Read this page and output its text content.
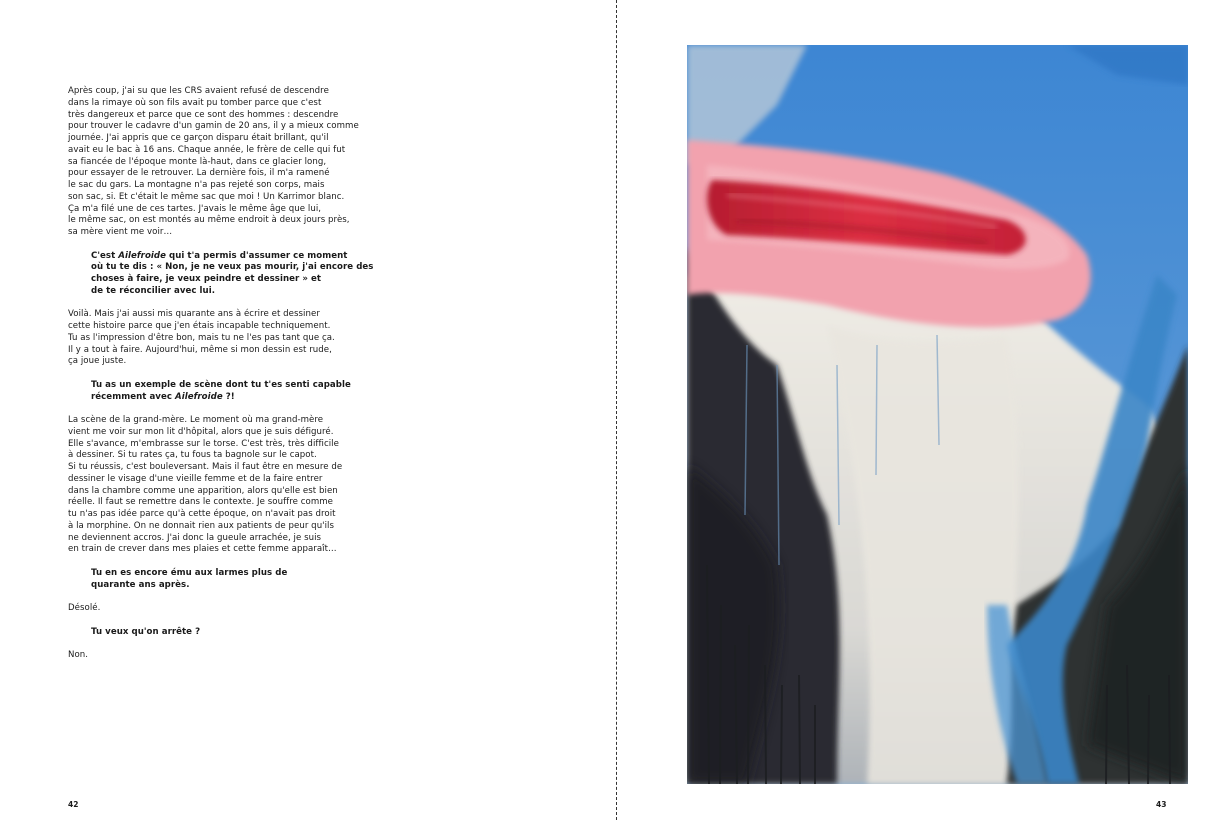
Après coup, j'ai su que les CRS avaient refusé de descendre
dans la rimaye où son fils avait pu tomber parce que c'est
très dangereux et parce que ce sont des hommes : descendre
pour trouver le cadavre d'un gamin de 20 ans, il y a mieux comme
journée. J'ai appris que ce garçon disparu était brillant, qu'il
avait eu le bac à 16 ans. Chaque année, le frère de celle qui fut
sa fiancée de l'époque monte là-haut, dans ce glacier long,
pour essayer de le retrouver. La dernière fois, il m'a ramené
le sac du gars. La montagne n'a pas rejeté son corps, mais
son sac, si. Et c'était le même sac que moi ! Un Karrimor blanc.
Ça m'a filé une de ces tartes. J'avais le même âge que lui,
le même sac, on est montés au même endroit à deux jours près,
sa mère vient me voir…

C'est Ailefroide qui t'a permis d'assumer ce moment
où tu te dis : « Non, je ne veux pas mourir, j'ai encore des
choses à faire, je veux peindre et dessiner » et
de te réconcilier avec lui.

Voilà. Mais j'ai aussi mis quarante ans à écrire et dessiner
cette histoire parce que j'en étais incapable techniquement.
Tu as l'impression d'être bon, mais tu ne l'es pas tant que ça.
Il y a tout à faire. Aujourd'hui, même si mon dessin est rude,
ça joue juste.

Tu as un exemple de scène dont tu t'es senti capable
récemment avec Ailefroide ?!

La scène de la grand-mère. Le moment où ma grand-mère
vient me voir sur mon lit d'hôpital, alors que je suis défiguré.
Elle s'avance, m'embrasse sur le torse. C'est très, très difficile
à dessiner. Si tu rates ça, tu fous ta bagnole sur le capot.
Si tu réussis, c'est bouleversant. Mais il faut être en mesure de
dessiner le visage d'une vieille femme et de la faire entrer
dans la chambre comme une apparition, alors qu'elle est bien
réelle. Il faut se remettre dans le contexte. Je souffre comme
tu n'as pas idée parce qu'à cette époque, on n'avait pas droit
à la morphine. On ne donnait rien aux patients de peur qu'ils
ne deviennent accros. J'ai donc la gueule arrachée, je suis
en train de crever dans mes plaies et cette femme apparaît…

Tu en es encore ému aux larmes plus de
quarante ans après.

Désolé.

Tu veux qu'on arrête ?

Non.

42	43
